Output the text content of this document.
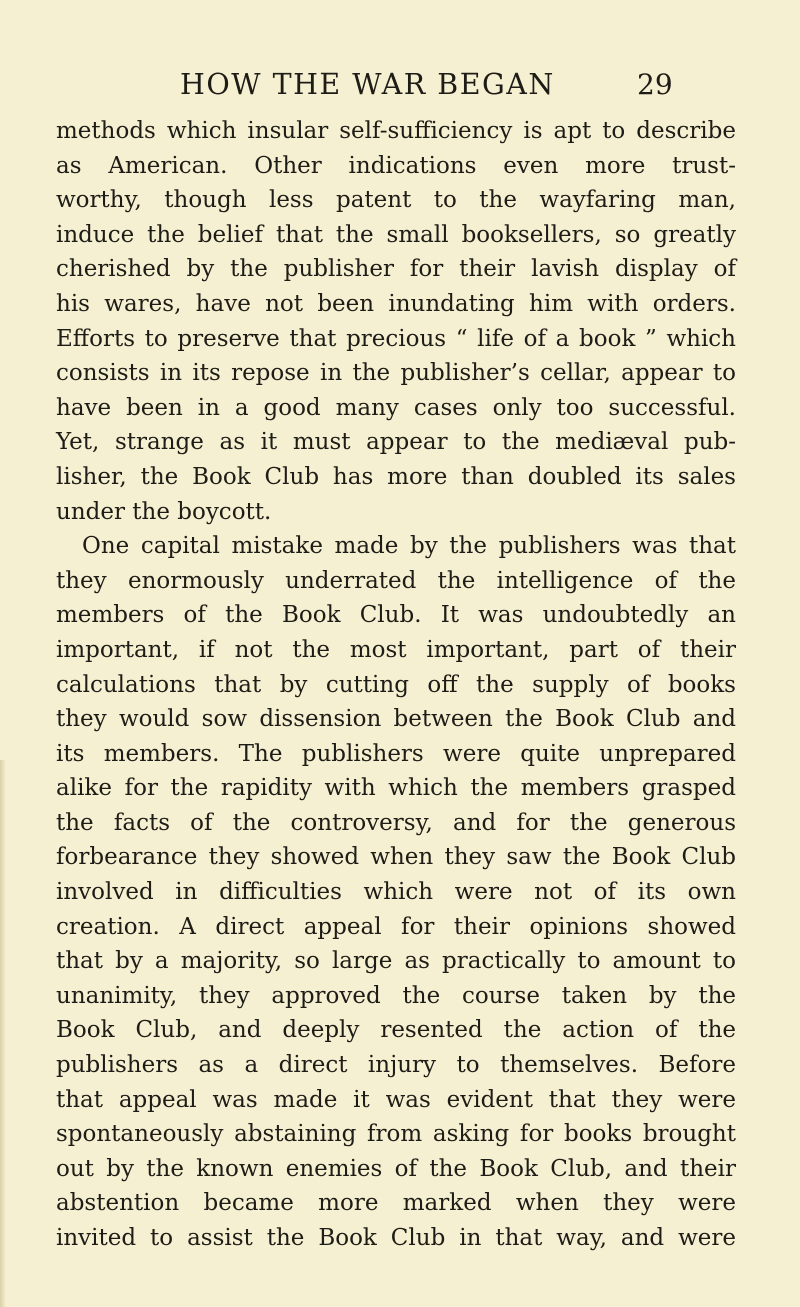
HOW THE WAR BEGAN	29
methods which insular self-sufficiency is apt to describe
as American. Other indications even more trust-
worthy, though less patent to the wayfaring man,
induce the belief that the small booksellers, so greatly
cherished by the publisher for their lavish display of
his wares, have not been inundating him with orders.
Efforts to preserve that precious “ life of a book ” which
consists in its repose in the publisher’s cellar, appear to
have been in a good many cases only too successful.
Yet, strange as it must appear to the mediæval pub-
lisher, the Book Club has more than doubled its sales
under the boycott.
One capital mistake made by the publishers was that
they enormously underrated the intelligence of the
members of the Book Club. It was undoubtedly an
important, if not the most important, part of their
calculations that by cutting off the supply of books
they would sow dissension between the Book Club and
its members. The publishers were quite unprepared
alike for the rapidity with which the members grasped
the facts of the controversy, and for the generous
forbearance they showed when they saw the Book Club
involved in difficulties which were not of its own
creation. A direct appeal for their opinions showed
that by a majority, so large as practically to amount to
unanimity, they approved the course taken by the
Book Club, and deeply resented the action of the
publishers as a direct injury to themselves. Before
that appeal was made it was evident that they were
spontaneously abstaining from asking for books brought
out by the known enemies of the Book Club, and their
abstention became more marked when they were
invited to assist the Book Club in that way, and were
